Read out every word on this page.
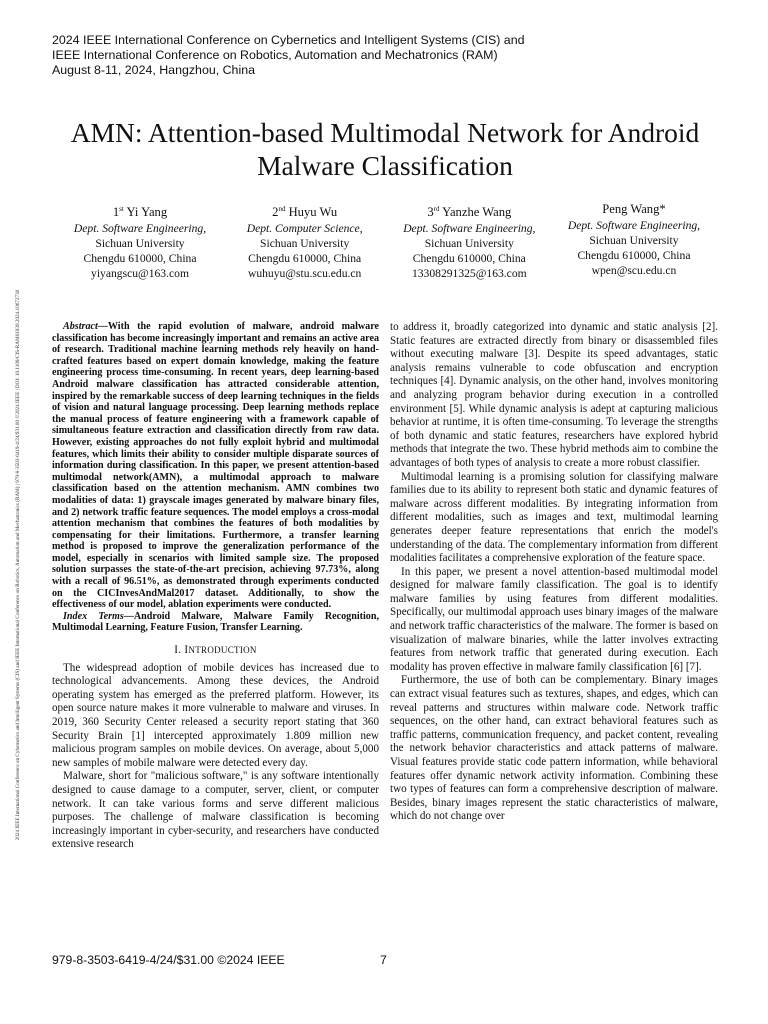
2024 IEEE International Conference on Cybernetics and Intelligent Systems (CIS) and
IEEE International Conference on Robotics, Automation and Mechatronics (RAM)
August 8-11, 2024, Hangzhou, China
2024 IEEE International Conference on Cybernetics and Intelligent Systems (CIS) and IEEE International Conference on Robotics, Automation and Mechatronics (RAM) | 979-8-3503-6419-4/24/$31.00 ©2024 IEEE | DOI: 10.1109/CIS-RAM61939.2024.10672730
AMN: Attention-based Multimodal Network for Android Malware Classification
1st Yi Yang
Dept. Software Engineering,
Sichuan University
Chengdu 610000, China
yiyangscu@163.com
2nd Huyu Wu
Dept. Computer Science,
Sichuan University
Chengdu 610000, China
wuhuyu@stu.scu.edu.cn
3rd Yanzhe Wang
Dept. Software Engineering,
Sichuan University
Chengdu 610000, China
13308291325@163.com
Peng Wang*
Dept. Software Engineering,
Sichuan University
Chengdu 610000, China
wpen@scu.edu.cn

Abstract—With the rapid evolution of malware, android malware classification has become increasingly important and remains an active area of research. Traditional machine learning methods rely heavily on hand-crafted features based on expert domain knowledge, making the feature engineering process time-consuming. In recent years, deep learning-based Android malware classification has attracted considerable attention, inspired by the remarkable success of deep learning techniques in the fields of vision and natural language processing. Deep learning methods replace the manual process of feature engineering with a framework capable of simultaneous feature extraction and classification directly from raw data. However, existing approaches do not fully exploit hybrid and multimodal features, which limits their ability to consider multiple disparate sources of information during classification. In this paper, we present attention-based multimodal network(AMN), a multimodal approach to malware classification based on the attention mechanism. AMN combines two modalities of data: 1) grayscale images generated by malware binary files, and 2) network traffic feature sequences. The model employs a cross-modal attention mechanism that combines the features of both modalities by compensating for their limitations. Furthermore, a transfer learning method is proposed to improve the generalization performance of the model, especially in scenarios with limited sample size. The proposed solution surpasses the state-of-the-art precision, achieving 97.73%, along with a recall of 96.51%, as demonstrated through experiments conducted on the CICInvesAndMal2017 dataset. Additionally, to show the effectiveness of our model, ablation experiments were conducted.

Index Terms—Android Malware, Malware Family Recognition, Multimodal Learning, Feature Fusion, Transfer Learning.

I. INTRODUCTION

The widespread adoption of mobile devices has increased due to technological advancements. Among these devices, the Android operating system has emerged as the preferred platform. However, its open source nature makes it more vulnerable to malware and viruses. In 2019, 360 Security Center released a security report stating that 360 Security Brain [1] intercepted approximately 1.809 million new malicious program samples on mobile devices. On average, about 5,000 new samples of mobile malware were detected every day.

Malware, short for "malicious software," is any software intentionally designed to cause damage to a computer, server, client, or computer network. It can take various forms and serve different malicious purposes. The challenge of malware classification is becoming increasingly important in cyber-security, and researchers have conducted extensive research

to address it, broadly categorized into dynamic and static analysis [2]. Static features are extracted directly from binary or disassembled files without executing malware [3]. Despite its speed advantages, static analysis remains vulnerable to code obfuscation and encryption techniques [4]. Dynamic analysis, on the other hand, involves monitoring and analyzing program behavior during execution in a controlled environment [5]. While dynamic analysis is adept at capturing malicious behavior at runtime, it is often time-consuming. To leverage the strengths of both dynamic and static features, researchers have explored hybrid methods that integrate the two. These hybrid methods aim to combine the advantages of both types of analysis to create a more robust classifier.

Multimodal learning is a promising solution for classifying malware families due to its ability to represent both static and dynamic features of malware across different modalities. By integrating information from different modalities, such as images and text, multimodal learning generates deeper feature representations that enrich the model's understanding of the data. The complementary information from different modalities facilitates a comprehensive exploration of the feature space.

In this paper, we present a novel attention-based multimodal model designed for malware family classification. The goal is to identify malware families by using features from different modalities. Specifically, our multimodal approach uses binary images of the malware and network traffic characteristics of the malware. The former is based on visualization of malware binaries, while the latter involves extracting features from network traffic that generated during execution. Each modality has proven effective in malware family classification [6] [7].

Furthermore, the use of both can be complementary. Binary images can extract visual features such as textures, shapes, and edges, which can reveal patterns and structures within malware code. Network traffic sequences, on the other hand, can extract behavioral features such as traffic patterns, communication frequency, and packet content, revealing the network behavior characteristics and attack patterns of malware. Visual features provide static code pattern information, while behavioral features offer dynamic network activity information. Combining these two types of features can form a comprehensive description of malware. Besides, binary images represent the static characteristics of malware, which do not change over

979-8-3503-6419-4/24/$31.00 ©2024 IEEE	7
